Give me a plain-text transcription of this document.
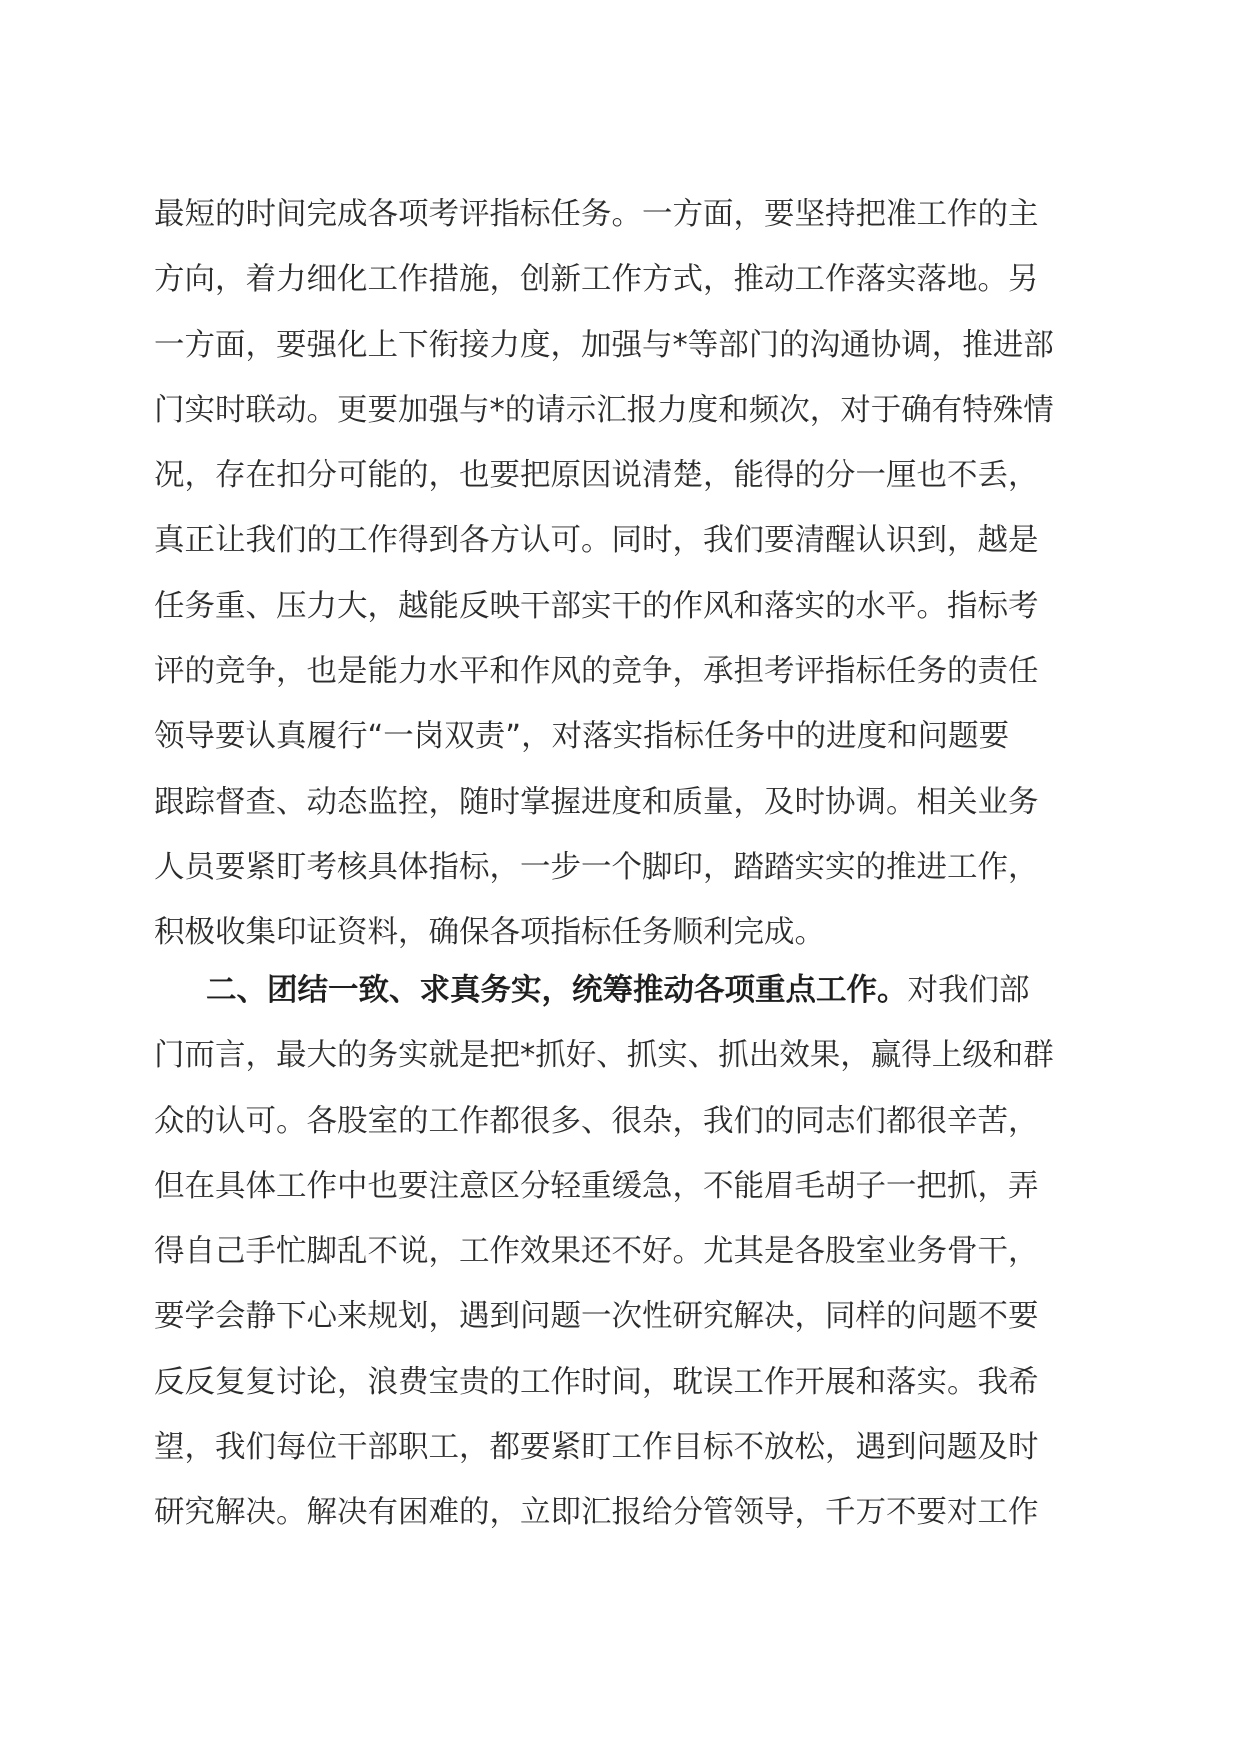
最短的时间完成各项考评指标任务。一方面，要坚持把准工作的主
方向，着力细化工作措施，创新工作方式，推动工作落实落地。另
一方面，要强化上下衔接力度，加强与*等部门的沟通协调，推进部
门实时联动。更要加强与*的请示汇报力度和频次，对于确有特殊情
况，存在扣分可能的，也要把原因说清楚，能得的分一厘也不丢，
真正让我们的工作得到各方认可。同时，我们要清醒认识到，越是
任务重、压力大，越能反映干部实干的作风和落实的水平。指标考
评的竞争，也是能力水平和作风的竞争，承担考评指标任务的责任
领导要认真履行“一岗双责”，对落实指标任务中的进度和问题要
跟踪督查、动态监控，随时掌握进度和质量，及时协调。相关业务
人员要紧盯考核具体指标，一步一个脚印，踏踏实实的推进工作，
积极收集印证资料，确保各项指标任务顺利完成。
二、团结一致、求真务实，统筹推动各项重点工作。对我们部
门而言，最大的务实就是把*抓好、抓实、抓出效果，赢得上级和群
众的认可。各股室的工作都很多、很杂，我们的同志们都很辛苦，
但在具体工作中也要注意区分轻重缓急，不能眉毛胡子一把抓，弄
得自己手忙脚乱不说，工作效果还不好。尤其是各股室业务骨干，
要学会静下心来规划，遇到问题一次性研究解决，同样的问题不要
反反复复讨论，浪费宝贵的工作时间，耽误工作开展和落实。我希
望，我们每位干部职工，都要紧盯工作目标不放松，遇到问题及时
研究解决。解决有困难的，立即汇报给分管领导，千万不要对工作
